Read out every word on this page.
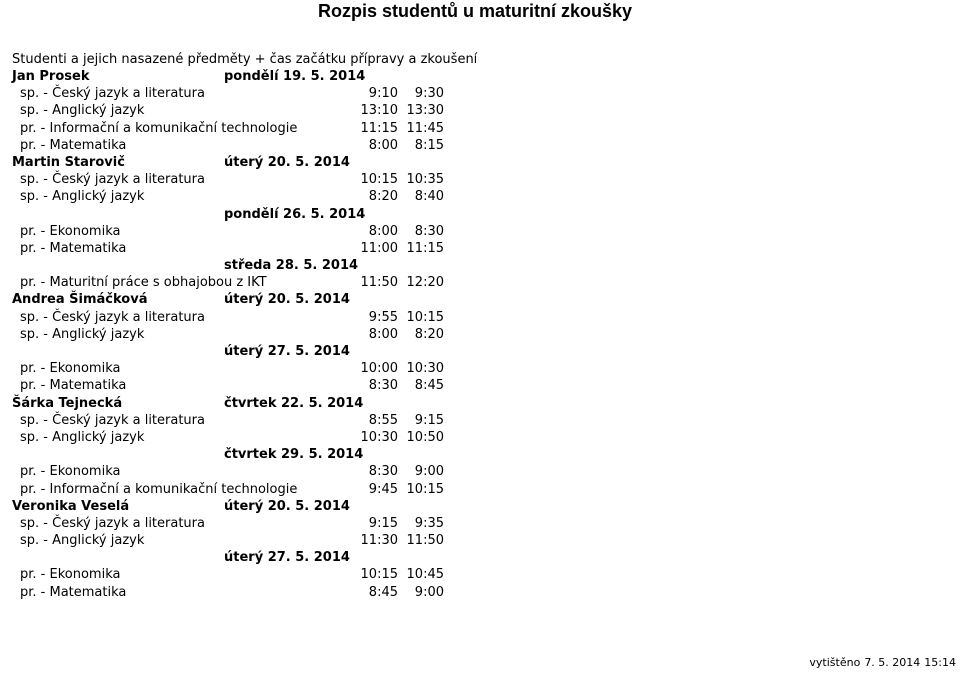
Rozpis studentů u maturitní zkoušky
Studenti a jejich nasazené předměty + čas začátku přípravy a zkoušení
Jan Prosek	pondělí 19. 5. 2014
sp. - Český jazyk a literatura	9:10	9:30
sp. - Anglický jazyk	13:10 13:30
pr. - Informační a komunikační technologie	11:15 11:45
pr. - Matematika	8:00	8:15
Martin Starovič	úterý 20. 5. 2014
sp. - Český jazyk a literatura	10:15 10:35
sp. - Anglický jazyk	8:20	8:40
pondělí 26. 5. 2014
pr. - Ekonomika	8:00	8:30
pr. - Matematika	11:00 11:15
středa 28. 5. 2014
pr. - Maturitní práce s obhajobou z IKT	11:50 12:20
Andrea Šimáčková	úterý 20. 5. 2014
sp. - Český jazyk a literatura	9:55 10:15
sp. - Anglický jazyk	8:00	8:20
úterý 27. 5. 2014
pr. - Ekonomika	10:00 10:30
pr. - Matematika	8:30	8:45
Šárka Tejnecká	čtvrtek 22. 5. 2014
sp. - Český jazyk a literatura	8:55	9:15
sp. - Anglický jazyk	10:30 10:50
čtvrtek 29. 5. 2014
pr. - Ekonomika	8:30	9:00
pr. - Informační a komunikační technologie	9:45 10:15
Veronika Veselá	úterý 20. 5. 2014
sp. - Český jazyk a literatura	9:15	9:35
sp. - Anglický jazyk	11:30 11:50
úterý 27. 5. 2014
pr. - Ekonomika	10:15 10:45
pr. - Matematika	8:45	9:00
vytištěno 7. 5. 2014 15:14
